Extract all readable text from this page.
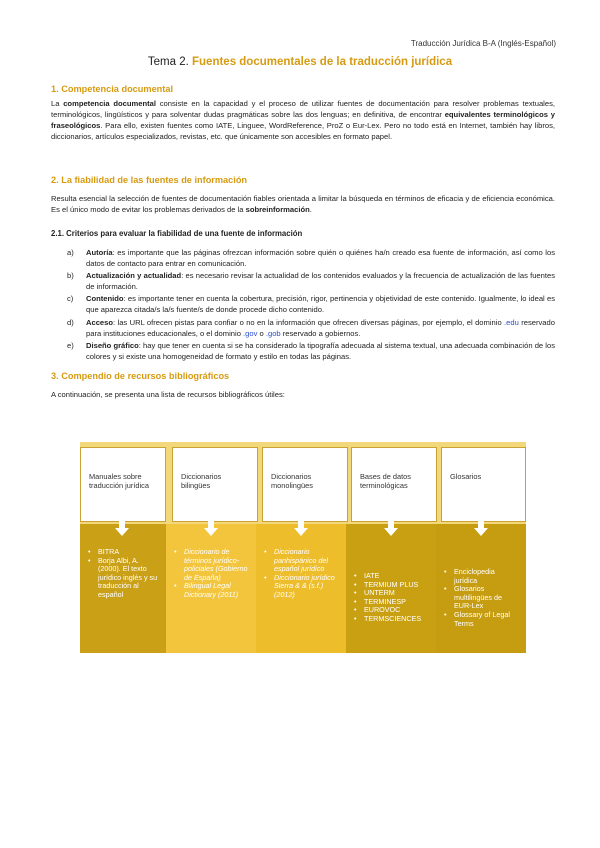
Traducción Jurídica B-A (Inglés-Español)
Tema 2. Fuentes documentales de la traducción jurídica
1. Competencia documental
La competencia documental consiste en la capacidad y el proceso de utilizar fuentes de documentación para resolver problemas textuales, terminológicos, lingüísticos y para solventar dudas pragmáticas sobre las dos lenguas; en definitiva, de encontrar equivalentes terminológicos y fraseológicos. Para ello, existen fuentes como IATE, Linguee, WordReference, ProZ o Eur-Lex. Pero no todo está en Internet, también hay libros, diccionarios, artículos especializados, revistas, etc. que únicamente son accesibles en formato papel.
2. La fiabilidad de las fuentes de información
Resulta esencial la selección de fuentes de documentación fiables orientada a limitar la búsqueda en términos de eficacia y de eficiencia económica. Es el único modo de evitar los problemas derivados de la sobreinformación.
2.1. Criterios para evaluar la fiabilidad de una fuente de información
a) Autoría: es importante que las páginas ofrezcan información sobre quién o quiénes ha/n creado esa fuente de información, así como los datos de contacto para entrar en comunicación.
b) Actualización y actualidad: es necesario revisar la actualidad de los contenidos evaluados y la frecuencia de actualización de las fuentes de información.
c) Contenido: es importante tener en cuenta la cobertura, precisión, rigor, pertinencia y objetividad de este contenido. Igualmente, lo ideal es que aparezca citada/s la/s fuente/s de donde procede dicho contenido.
d) Acceso: las URL ofrecen pistas para confiar o no en la información que ofrecen diversas páginas, por ejemplo, el dominio .edu reservado para instituciones educacionales, o el dominio .gov o .gob reservado a gobiernos.
e) Diseño gráfico: hay que tener en cuenta si se ha considerado la tipografía adecuada al sistema textual, una adecuada combinación de los colores y si existe una homogeneidad de formato y estilo en todas las páginas.
3. Compendio de recursos bibliográficos
A continuación, se presenta una lista de recursos bibliográficos útiles:
Manuales sobre traducción jurídica
Diccionarios bilingües
Diccionarios monolingües
Bases de datos terminológicas
Glosarios
• BITRA
• Borja Albi, A. (2000). El texto jurídico inglés y su traducción al español
• Diccionario de términos jurídico-policiales (Gobierno de España)
• Bilingual Legal Dictionary (2011)
• Diccionario panhispánico del español jurídico
• Diccionario jurídico Sierra & & (s.f.) (2012)
• IATE
• TERMIUM PLUS
• UNTERM
• TERMINESP
• EUROVOC
• TERMSCIENCES
• Enciclopedia jurídica
• Glosarios multilingües de EUR-Lex
• Glossary of Legal Terms
